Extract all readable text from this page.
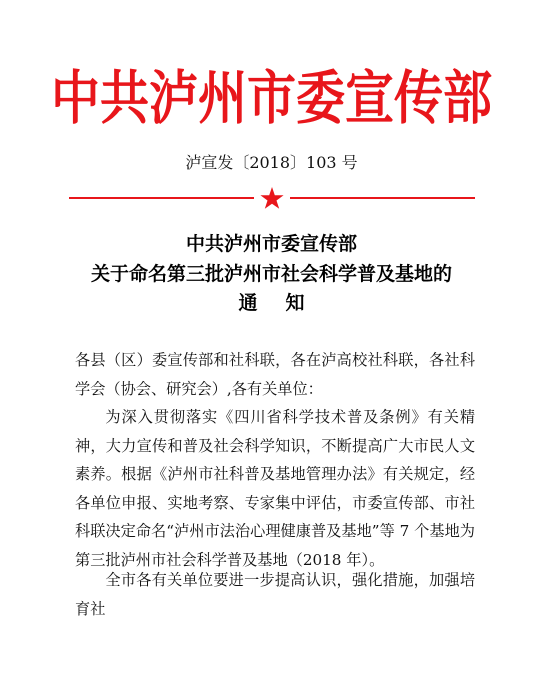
中共泸州市委宣传部
泸宣发〔2018〕103 号
中共泸州市委宣传部
关于命名第三批泸州市社会科学普及基地的
通知

各县（区）委宣传部和社科联，各在泸高校社科联，各社科学会（协会、研究会）,各有关单位：

为深入贯彻落实《四川省科学技术普及条例》有关精神，大力宣传和普及社会科学知识，不断提高广大市民人文素养。根据《泸州市社科普及基地管理办法》有关规定，经各单位申报、实地考察、专家集中评估，市委宣传部、市社科联决定命名“泸州市法治心理健康普及基地”等 7 个基地为第三批泸州市社会科学普及基地（2018 年）。

全市各有关单位要进一步提高认识，强化措施，加强培育社
